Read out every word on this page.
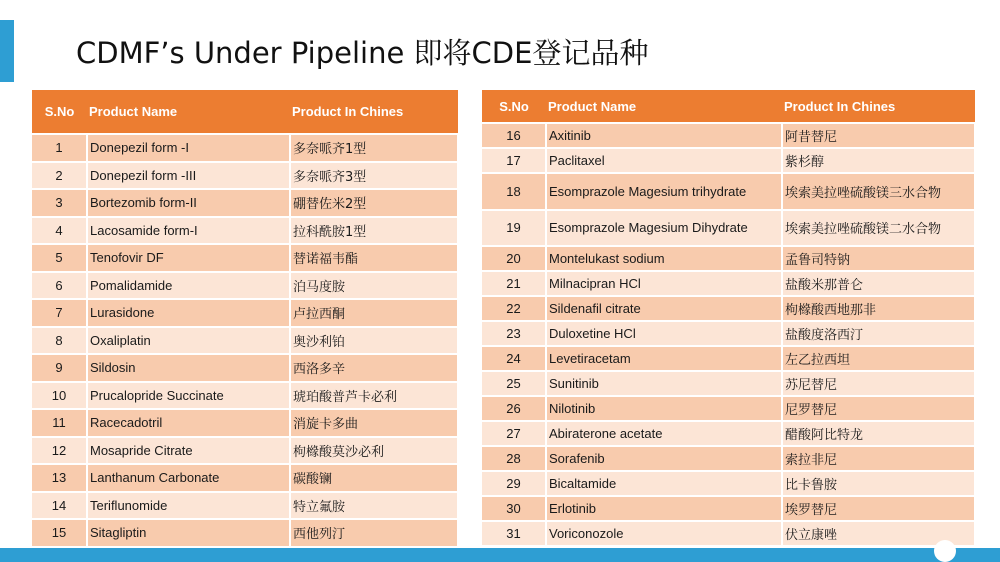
CDMF’s Under Pipeline 即将CDE登记品种
S.No	Product Name	Product In Chines
1	Donepezil form -I	多奈哌齐1型
2	Donepezil form -III	多奈哌齐3型
3	Bortezomib form-II	硼替佐米2型
4	Lacosamide form-I	拉科酰胺1型
5	Tenofovir DF	替诺福韦酯
6	Pomalidamide	泊马度胺
7	Lurasidone	卢拉西酮
8	Oxaliplatin	奥沙利铂
9	Sildosin	西洛多辛
10	Prucalopride Succinate	琥珀酸普芦卡必利
11	Racecadotril	消旋卡多曲
12	Mosapride Citrate	枸橼酸莫沙必利
13	Lanthanum Carbonate	碳酸镧
14	Teriflunomide	特立氟胺
15	Sitagliptin	西他列汀
S.No	Product Name	Product In Chines
16	Axitinib	阿昔替尼
17	Paclitaxel	紫杉醇
18	Esomprazole Magesium trihydrate	埃索美拉唑硫酸镁三水合物
19	Esomprazole Magesium Dihydrate	埃索美拉唑硫酸镁二水合物
20	Montelukast sodium	孟鲁司特钠
21	Milnacipran HCl	盐酸米那普仑
22	Sildenafil citrate	枸橼酸西地那非
23	Duloxetine HCl	盐酸度洛西汀
24	Levetiracetam	左乙拉西坦
25	Sunitinib	苏尼替尼
26	Nilotinib	尼罗替尼
27	Abiraterone acetate	醋酸阿比特龙
28	Sorafenib	索拉非尼
29	Bicaltamide	比卡鲁胺
30	Erlotinib	埃罗替尼
31	Voriconozole	伏立康唑
